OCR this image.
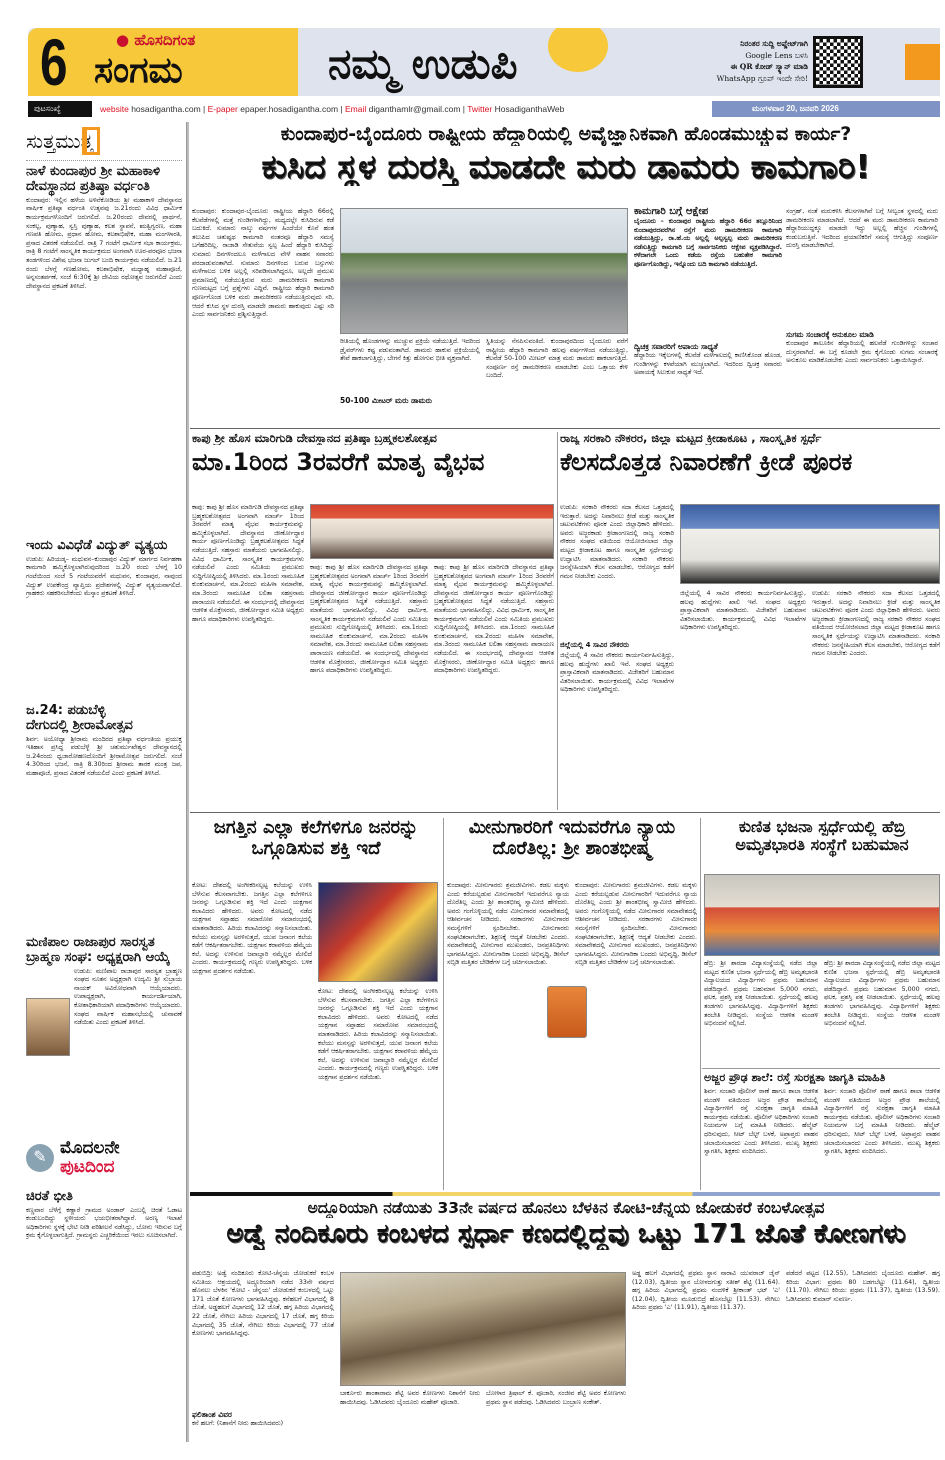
6	● ಹೊಸದಿಗಂತ
ಸಂಗಮ	ನಮ್ಮ ಉಡುಪಿ	ನಿರಂತರ ಸುದ್ದಿ ಅಪ್ಡೇಟ್‌ಗಾಗಿ
Google Lens ಬಳಸಿ
ಈ QR ಕೋಡ್ ಸ್ಕ್ಯಾನ್ ಮಾಡಿ
WhatsApp ಗ್ರೂಪ್ ಇಂದೇ ಸೇರಿ!
ಪುಟಸಂಖ್ಯೆ	website hosadigantha.com | E-paper epaper.hosadigantha.com | Email diganthamlr@gmail.com | Twitter HosadiganthaWeb	ಮಂಗಳವಾರ 20, ಜನವರಿ 2026
ಸುತ್ತಮುತ್ತ
ನಾಳೆ ಕುಂದಾಪುರ ಶ್ರೀ ಮಹಾಕಾಳಿ ದೇವಸ್ಥಾನದ ಪ್ರತಿಷ್ಠಾ ವರ್ಧಂತಿ
ಕುಂದಾಪುರ: ಇಲ್ಲಿನ ಹಳೆಯ ಅಳಿವೆಕೋಡಿಯ ಶ್ರೀ ಮಹಾಕಾಳಿ ದೇವಸ್ಥಾನದ ವಾರ್ಷಿಕ ಪ್ರತಿಷ್ಠಾ ವರ್ಧಂತಿ ಉತ್ಸವವು ಜ.21ರಂದು ವಿವಿಧ ಧಾರ್ಮಿಕ ಕಾರ್ಯಕ್ರಮಗಳೊಂದಿಗೆ ಜರುಗಲಿದೆ. ಜ.20ರಂದು ದೇವರಲ್ಲಿ ಪ್ರಾರ್ಥನೆ, ಸಂಕಲ್ಪ, ಪುಣ್ಯಾಹ, ಸ್ವಸ್ತಿ ಪುಣ್ಯಾಹ, ಕಲಶ ಸ್ಥಾಪನೆ, ಋತ್ವಿಗ್ವರಣ, ಮಹಾ ಗಣಪತಿ ಹೋಮ, ಪ್ರಧಾನ ಹೋಮ, ಕಲಶಾಭಿಷೇಕ, ಮಹಾ ಮಂಗಳಾರತಿ, ಪ್ರಸಾದ ವಿತರಣೆ ನಡೆಯಲಿದೆ. ರಾತ್ರಿ 7 ಗಂಟೆಗೆ ಧಾರ್ಮಿಕ ಸಭಾ ಕಾರ್ಯಕ್ರಮ, ರಾತ್ರಿ 8 ಗಂಟೆಗೆ ಸಾಂಸ್ಕೃತಿಕ ಕಾರ್ಯಕ್ರಮದ ಅಂಗವಾಗಿ ಊರ-ಪರವೂರ ಭಜನಾ ತಂಡಗಳಿಂದ ವಿಶೇಷ ಭಜನಾ ಜುಗಲ್ ಬಂದಿ ಕಾರ್ಯಕ್ರಮ ನಡೆಯಲಿದೆ. ಜ.21 ರಂದು ಬೆಳಗ್ಗೆ ಗಣಹೋಮ, ಕಲಶಾಭಿಷೇಕ, ಮಧ್ಯಾಹ್ನ ಮಹಾಪೂಜೆ, ಅನ್ನಸಂತರ್ಪಣೆ, ಸಂಜೆ 6:30ಕ್ಕೆ ಶ್ರೀ ದೇವಿಯ ರಥೋತ್ಸವ ಜರುಗಲಿದೆ ಎಂದು ದೇವಸ್ಥಾನದ ಪ್ರಕಟಣೆ ತಿಳಿಸಿದೆ.
ಇಂದು ವಿವಿಧೆಡೆ ವಿದ್ಯುತ್ ವ್ಯತ್ಯಯ
ಉಡುಪಿ: ಹಿರಿಯಡ್ಕ– ಮಧುವನ–ಕುಂದಾಪುರ ವಿದ್ಯುತ್ ಮಾರ್ಗದ ನಿರ್ವಹಣಾ ಕಾಮಗಾರಿ ಹಮ್ಮಿಕೊಳ್ಳಲಾಗಿರುವುದರಿಂದ ಜ.20 ರಂದು ಬೆಳಗ್ಗೆ 10 ಗಂಟೆಯಿಂದ ಸಂಜೆ 5 ಗಂಟೆಯವರೆಗೆ ಮಧುವನ, ಕುಂದಾಪುರ, ನಾವುಂದ ವಿದ್ಯುತ್ ಉಪಕೇಂದ್ರ ವ್ಯಾಪ್ತಿಯ ಪ್ರದೇಶಗಳಲ್ಲಿ ವಿದ್ಯುತ್ ವ್ಯತ್ಯಯವಾಗಲಿದೆ. ಗ್ರಾಹಕರು ಸಹಕರಿಸಬೇಕೆಂದು ಮೆಸ್ಕಾಂ ಪ್ರಕಟಣೆ ತಿಳಿಸಿದೆ.
ಜ.24: ಪಡುಬೆಳ್ಳಿ ದೇಗುದಲ್ಲಿ ಶ್ರೀರಾಮೋತ್ಸವ
ಶಿರ್ವ: ಅಯೋಧ್ಯಾ ಶ್ರೀರಾಮ ಮಂದಿರದ ಪ್ರತಿಷ್ಠಾ ವರ್ಧಂತಿಯ ಪ್ರಯುಕ್ತ ಇತಿಹಾಸ ಪ್ರಸಿದ್ಧ ಪಡುಬೆಳ್ಳೆ ಶ್ರೀ ಚತುರ್ಮುಖೇಶ್ವರ ದೇವಸ್ಥಾನದಲ್ಲಿ ಜ.24ರಂದು ಧ್ವಜಾರೋಹಣದೊಂದಿಗೆ ಶ್ರೀರಾಮೋತ್ಸವ ಜರುಗಲಿದೆ. ಸಂಜೆ 4.30ರಿಂದ ಭಜನೆ, ರಾತ್ರಿ 8.30ರಿಂದ ಶ್ರೀರಾಮ ತಾರಕ ಮಂತ್ರ ಜಪ, ಮಹಾಪೂಜೆ, ಪ್ರಸಾದ ವಿತರಣೆ ನಡೆಯಲಿದೆ ಎಂದು ಪ್ರಕಟಣೆ ತಿಳಿಸಿದೆ.
ಮಣಿಪಾಲ ರಾಜಾಪುರ ಸಾರಸ್ವತ ಬ್ರಾಹ್ಮಣ ಸಂಘ: ಅಧ್ಯಕ್ಷರಾಗಿ ಆಯ್ಕೆ
ಉಡುಪಿ: ಮಣಿಪಾಲ ರಾಜಾಪುರ ಸಾರಸ್ವತ ಬ್ರಾಹ್ಮಣ ಸಂಘದ ನೂತನ ಅಧ್ಯಕ್ಷರಾಗಿ ಉದ್ಯಮಿ ಶ್ರೀ ಸುಬ್ರಾಯ ನಾಯಕ್ ಅವಿರೋಧವಾಗಿ ಆಯ್ಕೆಯಾದರು. ಉಪಾಧ್ಯಕ್ಷರಾಗಿ, ಕಾರ್ಯದರ್ಶಿಯಾಗಿ, ಕೋಶಾಧಿಕಾರಿಯಾಗಿ ಪದಾಧಿಕಾರಿಗಳು ಆಯ್ಕೆಯಾದರು. ಸಂಘದ ವಾರ್ಷಿಕ ಮಹಾಸಭೆಯಲ್ಲಿ ಚುನಾವಣೆ ನಡೆಯಿತು ಎಂದು ಪ್ರಕಟಣೆ ತಿಳಿಸಿದೆ.
✎ ಮೊದಲನೇ
ಪುಟದಿಂದ
ಚಿರತೆ ಭೀತಿ
ಕಣ್ಣವಾರ ಬೆಳೆಗ್ಗೆ ಕಣ್ಣಾರೆ ಗ್ರಾಮದ ಅಂಡಾರ್ ಎಂಬಲ್ಲಿ ಚಿರತೆ ಓಡಾಟ ಕಂಡುಬಂದಿದ್ದು ಸ್ಥಳೀಯರು ಭಯಭೀತರಾಗಿದ್ದಾರೆ. ಅರಣ್ಯ ಇಲಾಖೆ ಅಧಿಕಾರಿಗಳು ಸ್ಥಳಕ್ಕೆ ಭೇಟಿ ನೀಡಿ ಪರಿಶೀಲನೆ ನಡೆಸಿದ್ದು, ಬೋನು ಇರಿಸುವ ಬಗ್ಗೆ ಕ್ರಮ ಕೈಗೊಳ್ಳಲಾಗುತ್ತಿದೆ. ಗ್ರಾಮಸ್ಥರು ಎಚ್ಚರಿಕೆಯಿಂದ ಇರಲು ಸೂಚಿಸಲಾಗಿದೆ.
ಕುಂದಾಪುರ-ಬೈಂದೂರು ರಾಷ್ಟ್ರೀಯ ಹೆದ್ದಾರಿಯಲ್ಲಿ ಅವೈಜ್ಞಾನಿಕವಾಗಿ ಹೊಂಡಮುಚ್ಚುವ ಕಾರ್ಯ?
ಕುಸಿದ ಸ್ಥಳ ದುರಸ್ತಿ ಮಾಡದೇ ಮರು ಡಾಮರು ಕಾಮಗಾರಿ!
ಕುಂದಾಪುರ: ಕುಂದಾಪುರ-ಬೈಂದೂರು ರಾಷ್ಟ್ರೀಯ ಹೆದ್ದಾರಿ 66ರಲ್ಲಿ ಕೆಲವೆಡೆಗಳಲ್ಲಿ ಮತ್ತೆ ಗುಂಡಿಗಳಾಗಿದ್ದು, ಮಧ್ಯದಲ್ಲೇ ಕುಸಿದಿರುವ ಕಡೆ ಬದುಕಿದೆ. ಸುಮಾರು ನಾಲ್ಕು ವರ್ಷಗಳ ಹಿಂದೆಯೇ ಕೊನೆ ಹಂತ ತಲುಪಿದ ಚತುಷ್ಪಥ ಕಾಮಗಾರಿ ನಂತರವೂ ಹೆದ್ದಾರಿ ಸಮಸ್ಯೆ ಬಗೆಹರಿದಿಲ್ಲ. ರಾಜಾಡಿ ಸೇತುವೆಯ ಸ್ವಲ್ಪ ಹಿಂದೆ ಹೆದ್ದಾರಿ ಕುಸಿದಿದ್ದು ಸುಮಾರು ದಿನಗಳಿಂದಲೂ ಮಳೆಗಾಲದ ವೇಳೆ ವಾಹನ ಸವಾರರು ಪರದಾಡುವಂತಾಗಿದೆ. ಸುಮಾರು ದಿನಗಳಿಂದ ಬರುವ ಬಸ್ಸುಗಳು ಮಳೆಗಾಲದ ಬಳಿಕ ಅಲ್ಲಲ್ಲಿ ಸರಿಪಡಿಸಲಾಗಿದ್ದರೂ, ಅಲ್ಲದೇ ಪ್ರಮುಖ ಪ್ರಮಾಣದಲ್ಲಿ ನಡೆಯುತ್ತಿರುವ ಮರು ಡಾಮರೀಕರಣ ಕಾಮಗಾರಿ ಗುಣಮಟ್ಟದ ಬಗ್ಗೆ ಪ್ರಶ್ನೆಗಳು ಎದ್ದಿವೆ. ರಾಷ್ಟ್ರೀಯ ಹೆದ್ದಾರಿ ಕಾಮಗಾರಿ ಪೂರ್ಣಗೊಂಡ ಬಳಿಕ ಮರು ಡಾಮರೀಕರಣ ನಡೆಯುತ್ತಿರುವುದು ಸರಿ, ಆದರೆ ಕುಸಿದ ಸ್ಥಳ ದುರಸ್ತಿ ಮಾಡದೇ ಡಾಮರು ಹಾಕುವುದು ಎಷ್ಟು ಸರಿ ಎಂದು ಸಾರ್ವಜನಿಕರು ಪ್ರಶ್ನಿಸುತ್ತಿದ್ದಾರೆ.
ರೀತಿಯಲ್ಲಿ ಹೊಂಡಗಳನ್ನು ಮುಚ್ಚುವ ಪ್ರಕ್ರಿಯೆ ನಡೆಯುತ್ತಿದೆ. ಇದರಿಂದ ಡ್ರೈವರ್‌ಗಳು ಕಷ್ಟ ಪಡುವಂತಾಗಿದೆ. ಡಾಮರು ಹಾಕುವ ಪ್ರಕ್ರಿಯೆಯಲ್ಲಿ ತೇಪೆ ಹಾಕಲಾಗುತ್ತಿದ್ದು, ಬೇಗನೆ ಕಿತ್ತು ಹೋಗುವ ಭೀತಿ ವ್ಯಕ್ತವಾಗಿದೆ.
50-100 ಮೀಟರ್ ಮರು ಡಾಮರು
ಸ್ಥಿತಿಯನ್ನು ನೆನಪಿಸುವಂತಿದೆ. ಕುಂದಾಪುರದಿಂದ ಬೈಂದೂರು ವರೆಗೆ ರಾಷ್ಟ್ರೀಯ ಹೆದ್ದಾರಿ ಕಾಮಗಾರಿ ಹಲವು ವರ್ಷಗಳಿಂದ ನಡೆಯುತ್ತಿದ್ದು, ಕೆಲವೆಡೆ 50-100 ಮೀಟರ್ ಮಾತ್ರ ಮರು ಡಾಮರು ಹಾಕಲಾಗುತ್ತಿದೆ. ಸಂಪೂರ್ಣ ರಸ್ತೆ ಡಾಮರೀಕರಣ ಮಾಡಬೇಕು ಎಂಬ ಒತ್ತಾಯ ಕೇಳಿ ಬಂದಿದೆ.
ಕಾಮಗಾರಿ ಬಗ್ಗೆ ಆಕ್ಷೇಪ
ಬೈಂದೂರು – ಕುಂದಾಪುರ ರಾಷ್ಟ್ರೀಯ ಹೆದ್ದಾರಿ 66ರ ತಲ್ಲೂರಿನಿಂದ ಕುಂದಾಪುರದವರೆಗಿನ ರಸ್ತೆಗೆ ಮರು ಡಾಮರೀಕರಣ ಕಾಮಗಾರಿ ನಡೆಯುತ್ತಿದ್ದು, ರಾ.ಹೆ.ಯ ಅಲ್ಲಲ್ಲಿ ಅಲ್ಪಸ್ವಲ್ಪ ಮರು ಡಾಮರೀಕರಣ ನಡೆಸುತ್ತಿದ್ದು ಕಾಮಗಾರಿ ಬಗ್ಗೆ ಸಾರ್ವಜನಿಕರು ಆಕ್ಷೇಪ ವ್ಯಕ್ತಪಡಿಸಿದ್ದಾರೆ. ಕಳೆದಾಗಲೇ ಒಂದು ಕಡೆಯ ರಸ್ತೆಯ ಬಹುತೇಕ ಕಾಮಗಾರಿ ಪೂರ್ಣಗೊಂಡಿದ್ದು, ಇನ್ನೊಂದು ಬದಿ ಕಾಮಗಾರಿ ನಡೆಯುತ್ತಿದೆ.
ದ್ವಿಚಕ್ರ ಸವಾರರಿಗೆ ಅಪಾಯ ಸಾಧ್ಯತೆ
ಹೆದ್ದಾರಿಯ ಇಕ್ಕೆಲಗಳಲ್ಲಿ ಕೆಲವೆಡೆ ಮಳೆಗಾಲದಲ್ಲಿ ಕಾಣಿಸಿಕೊಂಡ ಹೊಂಡ, ಗುಂಡಿಗಳನ್ನು ಕಳಪೆಯಾಗಿ ಮುಚ್ಚಲಾಗಿದೆ. ಇದರಿಂದ ದ್ವಿಚಕ್ರ ಸವಾರರು ಅಪಾಯಕ್ಕೆ ಸಿಲುಕುವ ಸಾಧ್ಯತೆ ಇದೆ.
ಸಂಗ್ರಹ್, ನಂತೆ ಮರುಕಳಿಸಿ ಕೆಲಸಗಳಾಗಿವೆ ಬಗ್ಗೆ ಸೀಲ್ವಂತ ಸ್ಥಳದಲ್ಲಿ ಮರು ಡಾಮರೀಕರಣ ಮಾಡಲಾಗಿದೆ. ಆದರೆ ಈ ಮರು ಡಾಮರೀಕರಣ ಕಾಮಗಾರಿ ಹೆದ್ದಾರಿಯುದ್ದಕ್ಕೂ ಮಾಡದೇ ಇದ್ದು ಅಲ್ಲಲ್ಲಿ ಹೆಚ್ಚಿನ ಗುಂಡಿಗಳಲ್ಲಿ ಕಂಡುಬರುತ್ತಿವೆ. ಇದರಿಂದ ಪ್ರಯಾಣಿಕರಿಗೆ ಸಮಸ್ಯೆ ಆಗುತ್ತಿದ್ದು ಸಂಪೂರ್ಣ ದುರಸ್ತಿ ಮಾಡಬೇಕಾಗಿದೆ.
ಸುಗಮ ಸಂಚಾರಕ್ಕೆ ಅನುಕೂಲ ಮಾಡಿ
ಕುಂದಾಪುರ ತಾಲೂಕಿನ ಹೆದ್ದಾರಿಯಲ್ಲಿ ಹಲವೆಡೆ ಗುಂಡಿಗಳಿದ್ದು ಸಂಚಾರ ದುಸ್ತರವಾಗಿದೆ. ಈ ಬಗ್ಗೆ ಕೂಡಲೇ ಕ್ರಮ ಕೈಗೊಂಡು ಸುಗಮ ಸಂಚಾರಕ್ಕೆ ಅನುಕೂಲ ಮಾಡಿಕೊಡಬೇಕು ಎಂದು ಸಾರ್ವಜನಿಕರು ಒತ್ತಾಯಿಸಿದ್ದಾರೆ.
ಕಾಪು ಶ್ರೀ ಹೊಸ ಮಾರಿಗುಡಿ ದೇವಸ್ಥಾನದ ಪ್ರತಿಷ್ಠಾ ಬ್ರಹ್ಮಕಲಶೋತ್ಸವ
ಮಾ.1ರಿಂದ 3ರವರೆಗೆ ಮಾತೃ ವೈಭವ
ಕಾಪು: ಕಾಪು ಶ್ರೀ ಹೊಸ ಮಾರಿಗುಡಿ ದೇವಸ್ಥಾನದ ಪ್ರತಿಷ್ಠಾ ಬ್ರಹ್ಮಕಲಶೋತ್ಸವದ ಅಂಗವಾಗಿ ಮಾರ್ಚ್ 1ರಿಂದ 3ರವರೆಗೆ ಮಾತೃ ವೈಭವ ಕಾರ್ಯಕ್ರಮವನ್ನು ಹಮ್ಮಿಕೊಳ್ಳಲಾಗಿದೆ. ದೇವಸ್ಥಾನದ ಜೀರ್ಣೋದ್ಧಾರ ಕಾರ್ಯ ಪೂರ್ಣಗೊಂಡಿದ್ದು ಬ್ರಹ್ಮಕಲಶೋತ್ಸವದ ಸಿದ್ಧತೆ ನಡೆಯುತ್ತಿದೆ. ಸಹಸ್ರಾರು ಮಾತೆಯರು ಭಾಗವಹಿಸಲಿದ್ದು, ವಿವಿಧ ಧಾರ್ಮಿಕ, ಸಾಂಸ್ಕೃತಿಕ ಕಾರ್ಯಕ್ರಮಗಳು ನಡೆಯಲಿವೆ ಎಂದು ಸಮಿತಿಯ ಪ್ರಮುಖರು ಸುದ್ದಿಗೋಷ್ಠಿಯಲ್ಲಿ ತಿಳಿಸಿದರು. ಮಾ.1ರಂದು ಸಾಮೂಹಿಕ ಕುಂಕುಮಾರ್ಚನೆ, ಮಾ.2ರಂದು ಮಹಿಳಾ ಸಮಾವೇಶ, ಮಾ.3ರಂದು ಸಾಮೂಹಿಕ ಲಲಿತಾ ಸಹಸ್ರನಾಮ ಪಾರಾಯಣ ನಡೆಯಲಿದೆ. ಈ ಸಂದರ್ಭದಲ್ಲಿ ದೇವಸ್ಥಾನದ ಆಡಳಿತ ಮೊಕ್ತೇಸರರು, ಜೀರ್ಣೋದ್ಧಾರ ಸಮಿತಿ ಅಧ್ಯಕ್ಷರು ಹಾಗೂ ಪದಾಧಿಕಾರಿಗಳು ಉಪಸ್ಥಿತರಿದ್ದರು.
ಕಾಪು: ಕಾಪು ಶ್ರೀ ಹೊಸ ಮಾರಿಗುಡಿ ದೇವಸ್ಥಾನದ ಪ್ರತಿಷ್ಠಾ ಬ್ರಹ್ಮಕಲಶೋತ್ಸವದ ಅಂಗವಾಗಿ ಮಾರ್ಚ್ 1ರಿಂದ 3ರವರೆಗೆ ಮಾತೃ ವೈಭವ ಕಾರ್ಯಕ್ರಮವನ್ನು ಹಮ್ಮಿಕೊಳ್ಳಲಾಗಿದೆ. ದೇವಸ್ಥಾನದ ಜೀರ್ಣೋದ್ಧಾರ ಕಾರ್ಯ ಪೂರ್ಣಗೊಂಡಿದ್ದು ಬ್ರಹ್ಮಕಲಶೋತ್ಸವದ ಸಿದ್ಧತೆ ನಡೆಯುತ್ತಿದೆ. ಸಹಸ್ರಾರು ಮಾತೆಯರು ಭಾಗವಹಿಸಲಿದ್ದು, ವಿವಿಧ ಧಾರ್ಮಿಕ, ಸಾಂಸ್ಕೃತಿಕ ಕಾರ್ಯಕ್ರಮಗಳು ನಡೆಯಲಿವೆ ಎಂದು ಸಮಿತಿಯ ಪ್ರಮುಖರು ಸುದ್ದಿಗೋಷ್ಠಿಯಲ್ಲಿ ತಿಳಿಸಿದರು. ಮಾ.1ರಂದು ಸಾಮೂಹಿಕ ಕುಂಕುಮಾರ್ಚನೆ, ಮಾ.2ರಂದು ಮಹಿಳಾ ಸಮಾವೇಶ, ಮಾ.3ರಂದು ಸಾಮೂಹಿಕ ಲಲಿತಾ ಸಹಸ್ರನಾಮ ಪಾರಾಯಣ ನಡೆಯಲಿದೆ. ಈ ಸಂದರ್ಭದಲ್ಲಿ ದೇವಸ್ಥಾನದ ಆಡಳಿತ ಮೊಕ್ತೇಸರರು, ಜೀರ್ಣೋದ್ಧಾರ ಸಮಿತಿ ಅಧ್ಯಕ್ಷರು ಹಾಗೂ ಪದಾಧಿಕಾರಿಗಳು ಉಪಸ್ಥಿತರಿದ್ದರು.
ಕಾಪು: ಕಾಪು ಶ್ರೀ ಹೊಸ ಮಾರಿಗುಡಿ ದೇವಸ್ಥಾನದ ಪ್ರತಿಷ್ಠಾ ಬ್ರಹ್ಮಕಲಶೋತ್ಸವದ ಅಂಗವಾಗಿ ಮಾರ್ಚ್ 1ರಿಂದ 3ರವರೆಗೆ ಮಾತೃ ವೈಭವ ಕಾರ್ಯಕ್ರಮವನ್ನು ಹಮ್ಮಿಕೊಳ್ಳಲಾಗಿದೆ. ದೇವಸ್ಥಾನದ ಜೀರ್ಣೋದ್ಧಾರ ಕಾರ್ಯ ಪೂರ್ಣಗೊಂಡಿದ್ದು ಬ್ರಹ್ಮಕಲಶೋತ್ಸವದ ಸಿದ್ಧತೆ ನಡೆಯುತ್ತಿದೆ. ಸಹಸ್ರಾರು ಮಾತೆಯರು ಭಾಗವಹಿಸಲಿದ್ದು, ವಿವಿಧ ಧಾರ್ಮಿಕ, ಸಾಂಸ್ಕೃತಿಕ ಕಾರ್ಯಕ್ರಮಗಳು ನಡೆಯಲಿವೆ ಎಂದು ಸಮಿತಿಯ ಪ್ರಮುಖರು ಸುದ್ದಿಗೋಷ್ಠಿಯಲ್ಲಿ ತಿಳಿಸಿದರು. ಮಾ.1ರಂದು ಸಾಮೂಹಿಕ ಕುಂಕುಮಾರ್ಚನೆ, ಮಾ.2ರಂದು ಮಹಿಳಾ ಸಮಾವೇಶ, ಮಾ.3ರಂದು ಸಾಮೂಹಿಕ ಲಲಿತಾ ಸಹಸ್ರನಾಮ ಪಾರಾಯಣ ನಡೆಯಲಿದೆ. ಈ ಸಂದರ್ಭದಲ್ಲಿ ದೇವಸ್ಥಾನದ ಆಡಳಿತ ಮೊಕ್ತೇಸರರು, ಜೀರ್ಣೋದ್ಧಾರ ಸಮಿತಿ ಅಧ್ಯಕ್ಷರು ಹಾಗೂ ಪದಾಧಿಕಾರಿಗಳು ಉಪಸ್ಥಿತರಿದ್ದರು.
ರಾಜ್ಯ ಸರಕಾರಿ ನೌಕರರ, ಜಿಲ್ಲಾ ಮಟ್ಟದ ಕ್ರೀಡಾಕೂಟ , ಸಾಂಸ್ಕೃತಿಕ ಸ್ಪರ್ಧೆ
ಕೆಲಸದೊತ್ತಡ ನಿವಾರಣೆಗೆ ಕ್ರೀಡೆ ಪೂರಕ
ಉಡುಪಿ: ಸರಕಾರಿ ನೌಕರರು ಸದಾ ಕೆಲಸದ ಒತ್ತಡದಲ್ಲಿ ಇರುತ್ತಾರೆ. ಅದನ್ನು ನಿವಾರಿಸಲು ಕ್ರೀಡೆ ಮತ್ತು ಸಾಂಸ್ಕೃತಿಕ ಚಟುವಟಿಕೆಗಳು ಪೂರಕ ಎಂದು ಜಿಲ್ಲಾಧಿಕಾರಿ ಹೇಳಿದರು. ಅವರು ಅಜ್ಜರಕಾಡು ಕ್ರೀಡಾಂಗಣದಲ್ಲಿ ರಾಜ್ಯ ಸರಕಾರಿ ನೌಕರರ ಸಂಘದ ವತಿಯಿಂದ ಆಯೋಜಿಸಲಾದ ಜಿಲ್ಲಾ ಮಟ್ಟದ ಕ್ರೀಡಾಕೂಟ ಹಾಗೂ ಸಾಂಸ್ಕೃತಿಕ ಸ್ಪರ್ಧೆಯನ್ನು ಉದ್ಘಾಟಿಸಿ ಮಾತನಾಡಿದರು. ಸರಕಾರಿ ನೌಕರರು ಜನಸ್ನೇಹಿಯಾಗಿ ಕೆಲಸ ಮಾಡಬೇಕು, ಆರೋಗ್ಯದ ಕಡೆಗೆ ಗಮನ ನೀಡಬೇಕು ಎಂದರು.
ಜಿಲ್ಲೆಯಲ್ಲಿ 4 ಸಾವಿರ ನೌಕರರು
ಜಿಲ್ಲೆಯಲ್ಲಿ 4 ಸಾವಿರ ನೌಕರರು ಕಾರ್ಯನಿರ್ವಹಿಸುತ್ತಿದ್ದು, ಹಲವು ಹುದ್ದೆಗಳು ಖಾಲಿ ಇವೆ. ಸಂಘದ ಅಧ್ಯಕ್ಷರು ಪ್ರಾಸ್ತಾವಿಕವಾಗಿ ಮಾತನಾಡಿದರು. ವಿಜೇತರಿಗೆ ಬಹುಮಾನ ವಿತರಿಸಲಾಯಿತು. ಕಾರ್ಯಕ್ರಮದಲ್ಲಿ ವಿವಿಧ ಇಲಾಖೆಗಳ ಅಧಿಕಾರಿಗಳು ಉಪಸ್ಥಿತರಿದ್ದರು.
ಜಿಲ್ಲೆಯಲ್ಲಿ 4 ಸಾವಿರ ನೌಕರರು ಕಾರ್ಯನಿರ್ವಹಿಸುತ್ತಿದ್ದು, ಹಲವು ಹುದ್ದೆಗಳು ಖಾಲಿ ಇವೆ. ಸಂಘದ ಅಧ್ಯಕ್ಷರು ಪ್ರಾಸ್ತಾವಿಕವಾಗಿ ಮಾತನಾಡಿದರು. ವಿಜೇತರಿಗೆ ಬಹುಮಾನ ವಿತರಿಸಲಾಯಿತು. ಕಾರ್ಯಕ್ರಮದಲ್ಲಿ ವಿವಿಧ ಇಲಾಖೆಗಳ ಅಧಿಕಾರಿಗಳು ಉಪಸ್ಥಿತರಿದ್ದರು.
ಉಡುಪಿ: ಸರಕಾರಿ ನೌಕರರು ಸದಾ ಕೆಲಸದ ಒತ್ತಡದಲ್ಲಿ ಇರುತ್ತಾರೆ. ಅದನ್ನು ನಿವಾರಿಸಲು ಕ್ರೀಡೆ ಮತ್ತು ಸಾಂಸ್ಕೃತಿಕ ಚಟುವಟಿಕೆಗಳು ಪೂರಕ ಎಂದು ಜಿಲ್ಲಾಧಿಕಾರಿ ಹೇಳಿದರು. ಅವರು ಅಜ್ಜರಕಾಡು ಕ್ರೀಡಾಂಗಣದಲ್ಲಿ ರಾಜ್ಯ ಸರಕಾರಿ ನೌಕರರ ಸಂಘದ ವತಿಯಿಂದ ಆಯೋಜಿಸಲಾದ ಜಿಲ್ಲಾ ಮಟ್ಟದ ಕ್ರೀಡಾಕೂಟ ಹಾಗೂ ಸಾಂಸ್ಕೃತಿಕ ಸ್ಪರ್ಧೆಯನ್ನು ಉದ್ಘಾಟಿಸಿ ಮಾತನಾಡಿದರು. ಸರಕಾರಿ ನೌಕರರು ಜನಸ್ನೇಹಿಯಾಗಿ ಕೆಲಸ ಮಾಡಬೇಕು, ಆರೋಗ್ಯದ ಕಡೆಗೆ ಗಮನ ನೀಡಬೇಕು ಎಂದರು.
ಜಗತ್ತಿನ ಎಲ್ಲಾ ಕಲೆಗಳಿಗೂ ಜನರನ್ನು ಒಗ್ಗೂಡಿಸುವ ಶಕ್ತಿ ಇದೆ
ಕೋಟ: ದೇಶದಲ್ಲಿ ಅಂಗೀಕರಿಸಲ್ಪಟ್ಟ ಕಲೆಯನ್ನು ಉಳಿಸಿ ಬೆಳೆಸುವ ಕೆಲಸವಾಗಬೇಕು. ಜಗತ್ತಿನ ಎಲ್ಲಾ ಕಲೆಗಳಿಗೂ ಜನರನ್ನು ಒಗ್ಗೂಡಿಸುವ ಶಕ್ತಿ ಇದೆ ಎಂದು ಯಕ್ಷಗಾನ ಕಲಾವಿದರು ಹೇಳಿದರು. ಅವರು ಕೋಟದಲ್ಲಿ ನಡೆದ ಯಕ್ಷಗಾನ ಸಪ್ತಾಹದ ಸಮಾರೋಪ ಸಮಾರಂಭದಲ್ಲಿ ಮಾತನಾಡಿದರು. ಹಿರಿಯ ಕಲಾವಿದರನ್ನು ಸನ್ಮಾನಿಸಲಾಯಿತು. ಕಲೆಯು ಮನಸ್ಸನ್ನು ಅರಳಿಸುತ್ತದೆ, ಯುವ ಜನಾಂಗ ಕಲೆಯ ಕಡೆಗೆ ಆಕರ್ಷಿತರಾಗಬೇಕು. ಯಕ್ಷಗಾನ ಕರಾವಳಿಯ ಹೆಮ್ಮೆಯ ಕಲೆ, ಅದನ್ನು ಉಳಿಸುವ ಜವಾಬ್ದಾರಿ ನಮ್ಮೆಲ್ಲರ ಮೇಲಿದೆ ಎಂದರು. ಕಾರ್ಯಕ್ರಮದಲ್ಲಿ ಗಣ್ಯರು ಉಪಸ್ಥಿತರಿದ್ದರು. ಬಳಿಕ ಯಕ್ಷಗಾನ ಪ್ರದರ್ಶನ ನಡೆಯಿತು.
ಕೋಟ: ದೇಶದಲ್ಲಿ ಅಂಗೀಕರಿಸಲ್ಪಟ್ಟ ಕಲೆಯನ್ನು ಉಳಿಸಿ ಬೆಳೆಸುವ ಕೆಲಸವಾಗಬೇಕು. ಜಗತ್ತಿನ ಎಲ್ಲಾ ಕಲೆಗಳಿಗೂ ಜನರನ್ನು ಒಗ್ಗೂಡಿಸುವ ಶಕ್ತಿ ಇದೆ ಎಂದು ಯಕ್ಷಗಾನ ಕಲಾವಿದರು ಹೇಳಿದರು. ಅವರು ಕೋಟದಲ್ಲಿ ನಡೆದ ಯಕ್ಷಗಾನ ಸಪ್ತಾಹದ ಸಮಾರೋಪ ಸಮಾರಂಭದಲ್ಲಿ ಮಾತನಾಡಿದರು. ಹಿರಿಯ ಕಲಾವಿದರನ್ನು ಸನ್ಮಾನಿಸಲಾಯಿತು. ಕಲೆಯು ಮನಸ್ಸನ್ನು ಅರಳಿಸುತ್ತದೆ, ಯುವ ಜನಾಂಗ ಕಲೆಯ ಕಡೆಗೆ ಆಕರ್ಷಿತರಾಗಬೇಕು. ಯಕ್ಷಗಾನ ಕರಾವಳಿಯ ಹೆಮ್ಮೆಯ ಕಲೆ, ಅದನ್ನು ಉಳಿಸುವ ಜವಾಬ್ದಾರಿ ನಮ್ಮೆಲ್ಲರ ಮೇಲಿದೆ ಎಂದರು. ಕಾರ್ಯಕ್ರಮದಲ್ಲಿ ಗಣ್ಯರು ಉಪಸ್ಥಿತರಿದ್ದರು. ಬಳಿಕ ಯಕ್ಷಗಾನ ಪ್ರದರ್ಶನ ನಡೆಯಿತು.
ಮೀನುಗಾರರಿಗೆ ಇದುವರೆಗೂ ನ್ಯಾಯ ದೊರೆತಿಲ್ಲ: ಶ್ರೀ ಶಾಂತಭೀಷ್ಮ
ಕುಂದಾಪುರ: ಮೀನುಗಾರರು ಶ್ರಮಜೀವಿಗಳು. ಕಡಲ ಮಕ್ಕಳು ಎಂದು ಕರೆಯಲ್ಪಡುವ ಮೀನುಗಾರರಿಗೆ ಇದುವರೆಗೂ ನ್ಯಾಯ ದೊರೆತಿಲ್ಲ ಎಂದು ಶ್ರೀ ಶಾಂತಭೀಷ್ಮ ಸ್ವಾಮೀಜಿ ಹೇಳಿದರು. ಅವರು ಗಂಗೊಳ್ಳಿಯಲ್ಲಿ ನಡೆದ ಮೀನುಗಾರರ ಸಮಾವೇಶದಲ್ಲಿ ಆಶೀರ್ವಚನ ನೀಡಿದರು. ಸರಕಾರಗಳು ಮೀನುಗಾರರ ಸಮಸ್ಯೆಗಳಿಗೆ ಸ್ಪಂದಿಸಬೇಕು. ಮೀನುಗಾರರು ಸಂಘಟಿತರಾಗಬೇಕು, ಶಿಕ್ಷಣಕ್ಕೆ ಆದ್ಯತೆ ನೀಡಬೇಕು ಎಂದರು. ಸಮಾವೇಶದಲ್ಲಿ ಮೀನುಗಾರ ಮುಖಂಡರು, ಜನಪ್ರತಿನಿಧಿಗಳು ಭಾಗವಹಿಸಿದ್ದರು. ಮೀನುಗಾರಿಕಾ ಬಂದರು ಅಭಿವೃದ್ಧಿ, ಡೀಸೆಲ್ ಸಬ್ಸಿಡಿ ಮತ್ತಿತರ ಬೇಡಿಕೆಗಳ ಬಗ್ಗೆ ಚರ್ಚಿಸಲಾಯಿತು.
ಕುಂದಾಪುರ: ಮೀನುಗಾರರು ಶ್ರಮಜೀವಿಗಳು. ಕಡಲ ಮಕ್ಕಳು ಎಂದು ಕರೆಯಲ್ಪಡುವ ಮೀನುಗಾರರಿಗೆ ಇದುವರೆಗೂ ನ್ಯಾಯ ದೊರೆತಿಲ್ಲ ಎಂದು ಶ್ರೀ ಶಾಂತಭೀಷ್ಮ ಸ್ವಾಮೀಜಿ ಹೇಳಿದರು. ಅವರು ಗಂಗೊಳ್ಳಿಯಲ್ಲಿ ನಡೆದ ಮೀನುಗಾರರ ಸಮಾವೇಶದಲ್ಲಿ ಆಶೀರ್ವಚನ ನೀಡಿದರು. ಸರಕಾರಗಳು ಮೀನುಗಾರರ ಸಮಸ್ಯೆಗಳಿಗೆ ಸ್ಪಂದಿಸಬೇಕು. ಮೀನುಗಾರರು ಸಂಘಟಿತರಾಗಬೇಕು, ಶಿಕ್ಷಣಕ್ಕೆ ಆದ್ಯತೆ ನೀಡಬೇಕು ಎಂದರು. ಸಮಾವೇಶದಲ್ಲಿ ಮೀನುಗಾರ ಮುಖಂಡರು, ಜನಪ್ರತಿನಿಧಿಗಳು ಭಾಗವಹಿಸಿದ್ದರು. ಮೀನುಗಾರಿಕಾ ಬಂದರು ಅಭಿವೃದ್ಧಿ, ಡೀಸೆಲ್ ಸಬ್ಸಿಡಿ ಮತ್ತಿತರ ಬೇಡಿಕೆಗಳ ಬಗ್ಗೆ ಚರ್ಚಿಸಲಾಯಿತು.
ಕುಣಿತ ಭಜನಾ ಸ್ಪರ್ಧೆಯಲ್ಲಿ ಹೆಬ್ರಿ ಅಮೃತಭಾರತಿ ಸಂಸ್ಥೆಗೆ ಬಹುಮಾನ
ಹೆಬ್ರಿ: ಶ್ರೀ ಶಾರದಾ ವಿದ್ಯಾಸಂಸ್ಥೆಯಲ್ಲಿ ನಡೆದ ಜಿಲ್ಲಾ ಮಟ್ಟದ ಕುಣಿತ ಭಜನಾ ಸ್ಪರ್ಧೆಯಲ್ಲಿ ಹೆಬ್ರಿ ಅಮೃತಭಾರತಿ ವಿದ್ಯಾಲಯದ ವಿದ್ಯಾರ್ಥಿಗಳು ಪ್ರಥಮ ಬಹುಮಾನ ಪಡೆದಿದ್ದಾರೆ. ಪ್ರಥಮ ಬಹುಮಾನ 5,000 ನಗದು, ಫಲಕ, ಪ್ರಶಸ್ತಿ ಪತ್ರ ನೀಡಲಾಯಿತು. ಸ್ಪರ್ಧೆಯಲ್ಲಿ ಹಲವು ತಂಡಗಳು ಭಾಗವಹಿಸಿದ್ದವು. ವಿದ್ಯಾರ್ಥಿಗಳಿಗೆ ಶಿಕ್ಷಕರು ತರಬೇತಿ ನೀಡಿದ್ದರು. ಸಂಸ್ಥೆಯ ಆಡಳಿತ ಮಂಡಳಿ ಅಭಿನಂದನೆ ಸಲ್ಲಿಸಿದೆ.
ಹೆಬ್ರಿ: ಶ್ರೀ ಶಾರದಾ ವಿದ್ಯಾಸಂಸ್ಥೆಯಲ್ಲಿ ನಡೆದ ಜಿಲ್ಲಾ ಮಟ್ಟದ ಕುಣಿತ ಭಜನಾ ಸ್ಪರ್ಧೆಯಲ್ಲಿ ಹೆಬ್ರಿ ಅಮೃತಭಾರತಿ ವಿದ್ಯಾಲಯದ ವಿದ್ಯಾರ್ಥಿಗಳು ಪ್ರಥಮ ಬಹುಮಾನ ಪಡೆದಿದ್ದಾರೆ. ಪ್ರಥಮ ಬಹುಮಾನ 5,000 ನಗದು, ಫಲಕ, ಪ್ರಶಸ್ತಿ ಪತ್ರ ನೀಡಲಾಯಿತು. ಸ್ಪರ್ಧೆಯಲ್ಲಿ ಹಲವು ತಂಡಗಳು ಭಾಗವಹಿಸಿದ್ದವು. ವಿದ್ಯಾರ್ಥಿಗಳಿಗೆ ಶಿಕ್ಷಕರು ತರಬೇತಿ ನೀಡಿದ್ದರು. ಸಂಸ್ಥೆಯ ಆಡಳಿತ ಮಂಡಳಿ ಅಭಿನಂದನೆ ಸಲ್ಲಿಸಿದೆ.
ಅಜ್ಜರ ಪ್ರೌಢ ಶಾಲೆ: ರಸ್ತೆ ಸುರಕ್ಷತಾ ಜಾಗೃತಿ ಮಾಹಿತಿ
ಶಿರ್ವ: ಸಂಚಾರಿ ಪೊಲೀಸ್ ಠಾಣೆ ಹಾಗೂ ಶಾಲಾ ಆಡಳಿತ ಮಂಡಳಿ ವತಿಯಿಂದ ಅಜ್ಜರ ಪ್ರೌಢ ಶಾಲೆಯಲ್ಲಿ ವಿದ್ಯಾರ್ಥಿಗಳಿಗೆ ರಸ್ತೆ ಸುರಕ್ಷತಾ ಜಾಗೃತಿ ಮಾಹಿತಿ ಕಾರ್ಯಕ್ರಮ ನಡೆಯಿತು. ಪೊಲೀಸ್ ಅಧಿಕಾರಿಗಳು ಸಂಚಾರಿ ನಿಯಮಗಳ ಬಗ್ಗೆ ಮಾಹಿತಿ ನೀಡಿದರು. ಹೆಲ್ಮೆಟ್ ಧರಿಸುವುದು, ಸೀಟ್ ಬೆಲ್ಟ್ ಬಳಕೆ, ಅಪ್ರಾಪ್ತರು ವಾಹನ ಚಲಾಯಿಸಬಾರದು ಎಂದು ತಿಳಿಸಿದರು. ಮುಖ್ಯ ಶಿಕ್ಷಕರು ಸ್ವಾಗತಿಸಿ, ಶಿಕ್ಷಕರು ವಂದಿಸಿದರು.
ಶಿರ್ವ: ಸಂಚಾರಿ ಪೊಲೀಸ್ ಠಾಣೆ ಹಾಗೂ ಶಾಲಾ ಆಡಳಿತ ಮಂಡಳಿ ವತಿಯಿಂದ ಅಜ್ಜರ ಪ್ರೌಢ ಶಾಲೆಯಲ್ಲಿ ವಿದ್ಯಾರ್ಥಿಗಳಿಗೆ ರಸ್ತೆ ಸುರಕ್ಷತಾ ಜಾಗೃತಿ ಮಾಹಿತಿ ಕಾರ್ಯಕ್ರಮ ನಡೆಯಿತು. ಪೊಲೀಸ್ ಅಧಿಕಾರಿಗಳು ಸಂಚಾರಿ ನಿಯಮಗಳ ಬಗ್ಗೆ ಮಾಹಿತಿ ನೀಡಿದರು. ಹೆಲ್ಮೆಟ್ ಧರಿಸುವುದು, ಸೀಟ್ ಬೆಲ್ಟ್ ಬಳಕೆ, ಅಪ್ರಾಪ್ತರು ವಾಹನ ಚಲಾಯಿಸಬಾರದು ಎಂದು ತಿಳಿಸಿದರು. ಮುಖ್ಯ ಶಿಕ್ಷಕರು ಸ್ವಾಗತಿಸಿ, ಶಿಕ್ಷಕರು ವಂದಿಸಿದರು.
ಅದ್ದೂರಿಯಾಗಿ ನಡೆಯಿತು 33ನೇ ವರ್ಷದ ಹೊನಲು ಬೆಳಕಿನ ಕೋಟಿ-ಚೆನ್ನಯ ಜೋಡುಕರೆ ಕಂಬಳೋತ್ಸವ
ಅಡ್ವೆ ನಂದಿಕೂರು ಕಂಬಳದ ಸ್ಪರ್ಧಾ ಕಣದಲ್ಲಿದ್ದವು ಒಟ್ಟು 171 ಜೊತೆ ಕೋಣಗಳು
ಪಡುಬಿದ್ರಿ: ಅಡ್ವೆ ನಂದಿಕೂರು ಕೋಟಿ-ಚೆನ್ನಯ ಜೋಡುಕರೆ ಕಂಬಳ ಸಮಿತಿಯ ಆಶ್ರಯದಲ್ಲಿ ಅದ್ದೂರಿಯಾಗಿ ನಡೆದ 33ನೇ ವರ್ಷದ ಹೊನಲು ಬೆಳಕಿನ 'ಕೋಟಿ - ಚೆನ್ನಯ' ಜೋಡುಕರೆ ಕಂಬಳದಲ್ಲಿ ಒಟ್ಟು 171 ಜೊತೆ ಕೋಣಗಳು ಭಾಗವಹಿಸಿದ್ದವು. ಕನೆಹಲಗೆ ವಿಭಾಗದಲ್ಲಿ 8 ಜೊತೆ, ಅಡ್ಡಹಲಗೆ ವಿಭಾಗದಲ್ಲಿ 12 ಜೊತೆ, ಹಗ್ಗ ಹಿರಿಯ ವಿಭಾಗದಲ್ಲಿ 22 ಜೊತೆ, ನೇಗಿಲು ಹಿರಿಯ ವಿಭಾಗದಲ್ಲಿ 17 ಜೊತೆ, ಹಗ್ಗ ಕಿರಿಯ ವಿಭಾಗದಲ್ಲಿ 35 ಜೊತೆ, ನೇಗಿಲು ಕಿರಿಯ ವಿಭಾಗದಲ್ಲಿ 77 ಜೊತೆ ಕೋಣಗಳು ಭಾಗವಹಿಸಿದ್ದವು.
ಫಲಿತಾಂಶ ವಿವರ
ಕನೆ ಹಲಗೆ: (ನಿಶಾನೆಗೆ ನೀರು ಹಾಯಿಸಿದವರು)
ಬಾರ್ಕೂರು ಶಾಂತಾರಾಮ ಶೆಟ್ಟಿ ಅವರ ಕೋಣಗಳು ನಿಶಾನೆಗೆ ನೀರು ಹಾಯಿಸಿದವು. ಓಡಿಸಿದವರು ಬೈಂದೂರು ಮಹೇಶ್ ಪೂಜಾರಿ.
ಬೋಳಾರ ತ್ರಿಷಾಲ್ ಕೆ. ಪೂಜಾರಿ, ಸಂಜೀವ ಶೆಟ್ಟಿ ಅವರ ಕೋಣಗಳು ಪ್ರಥಮ ಸ್ಥಾನ ಪಡೆದವು. ಓಡಿಸಿದವರು ಬಂಬ್ರಾಣ ಸಂಕೇತ್.
ಅಡ್ಡ ಹಲಗೆ ವಿಭಾಗದಲ್ಲಿ ಪ್ರಥಮ ಸ್ಥಾನ ನಾರಾವಿ ಯುವರಾಜ್ ಜೈನ್ (12.03), ದ್ವಿತೀಯ ಸ್ಥಾನ ಬೋಳದಗುತ್ತು ಸತೀಶ್ ಶೆಟ್ಟಿ (11.64). ಹಗ್ಗ ಹಿರಿಯ ವಿಭಾಗದಲ್ಲಿ ಪ್ರಥಮ ನಂದಳಿಕೆ ಶ್ರೀಕಾಂತ್ ಭಟ್ 'ಎ' (12.04), ದ್ವಿತೀಯ ಮೂಡುಬಿದ್ರೆ ಹೊಸಬೆಟ್ಟು (11.53). ನೇಗಿಲು ಹಿರಿಯ ಪ್ರಥಮ 'ಎ' (11.91), ದ್ವಿತೀಯ (11.37).
ಪಡೆದರೆ ಪಟ್ಟದ (12.55), ಓಡಿಸಿದವರು ಬೈಂದೂರು ಮಹೇಶ್. ಹಗ್ಗ ಕಿರಿಯ ವಿಭಾಗ: ಪ್ರಥಮ 80 ಬಡಗಬೆಟ್ಟು (11.64), ದ್ವಿತೀಯ (11.70). ನೇಗಿಲು ಕಿರಿಯ: ಪ್ರಥಮ (11.37), ದ್ವಿತೀಯ (13.59). ಓಡಿಸಿದವರು ಕುಮಾರ್ ಸುವರ್ಣ.
